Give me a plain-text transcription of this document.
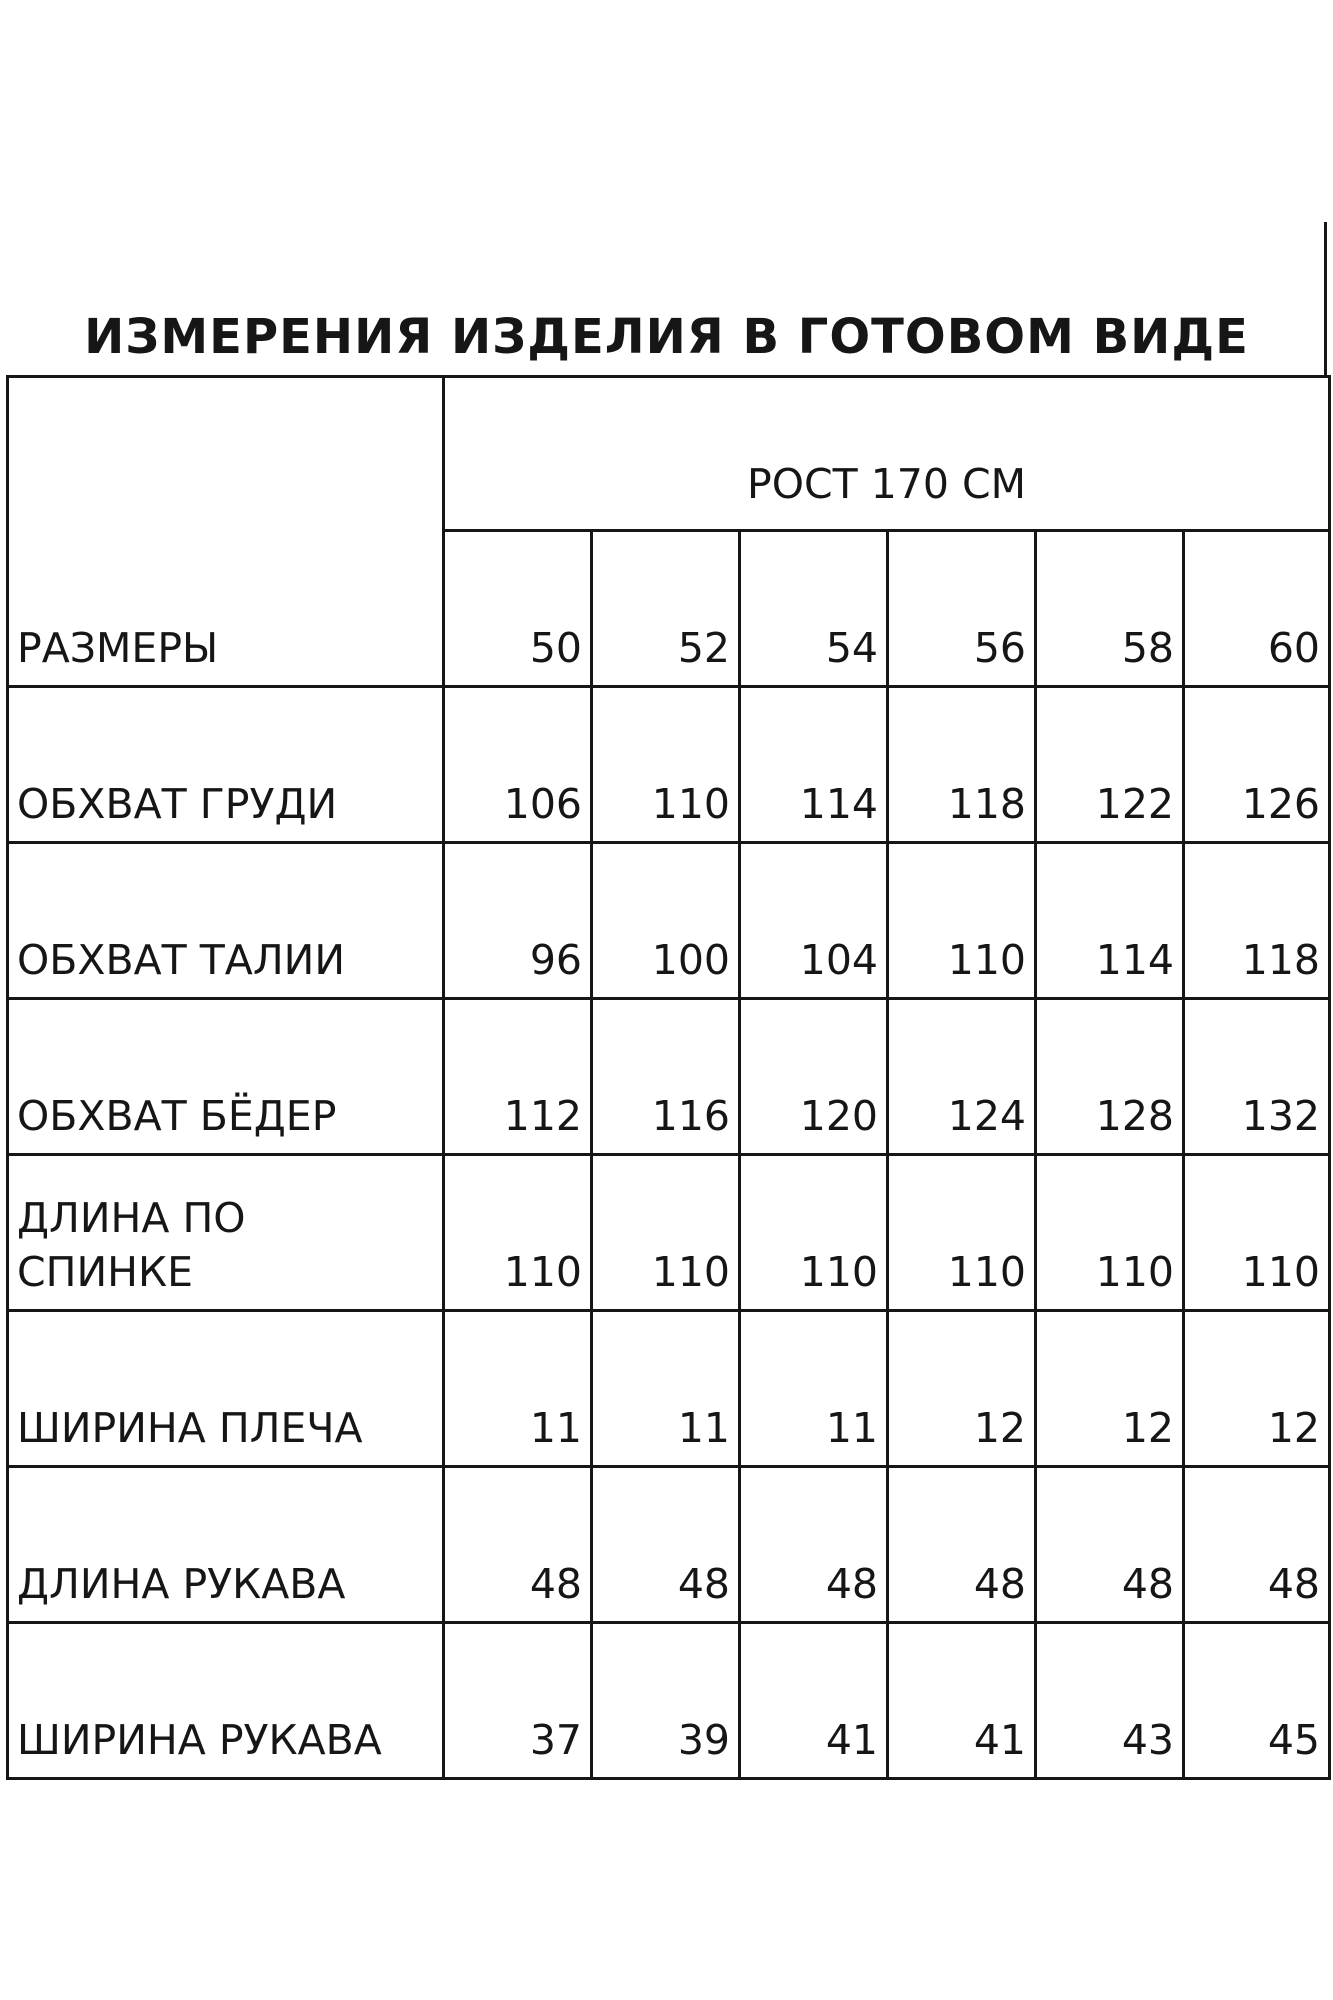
ИЗМЕРЕНИЯ ИЗДЕЛИЯ В ГОТОВОМ ВИДЕ
РАЗМЕРЫ	РОСТ 170 СМ					
	50	52	54	56	58	60
ОБХВАТ ГРУДИ	106	110	114	118	122	126
ОБХВАТ ТАЛИИ	96	100	104	110	114	118
ОБХВАТ БЁДЕР	112	116	120	124	128	132
ДЛИНА ПО
СПИНКЕ	110	110	110	110	110	110
ШИРИНА ПЛЕЧА	11	11	11	12	12	12
ДЛИНА РУКАВА	48	48	48	48	48	48
ШИРИНА РУКАВА	37	39	41	41	43	45
